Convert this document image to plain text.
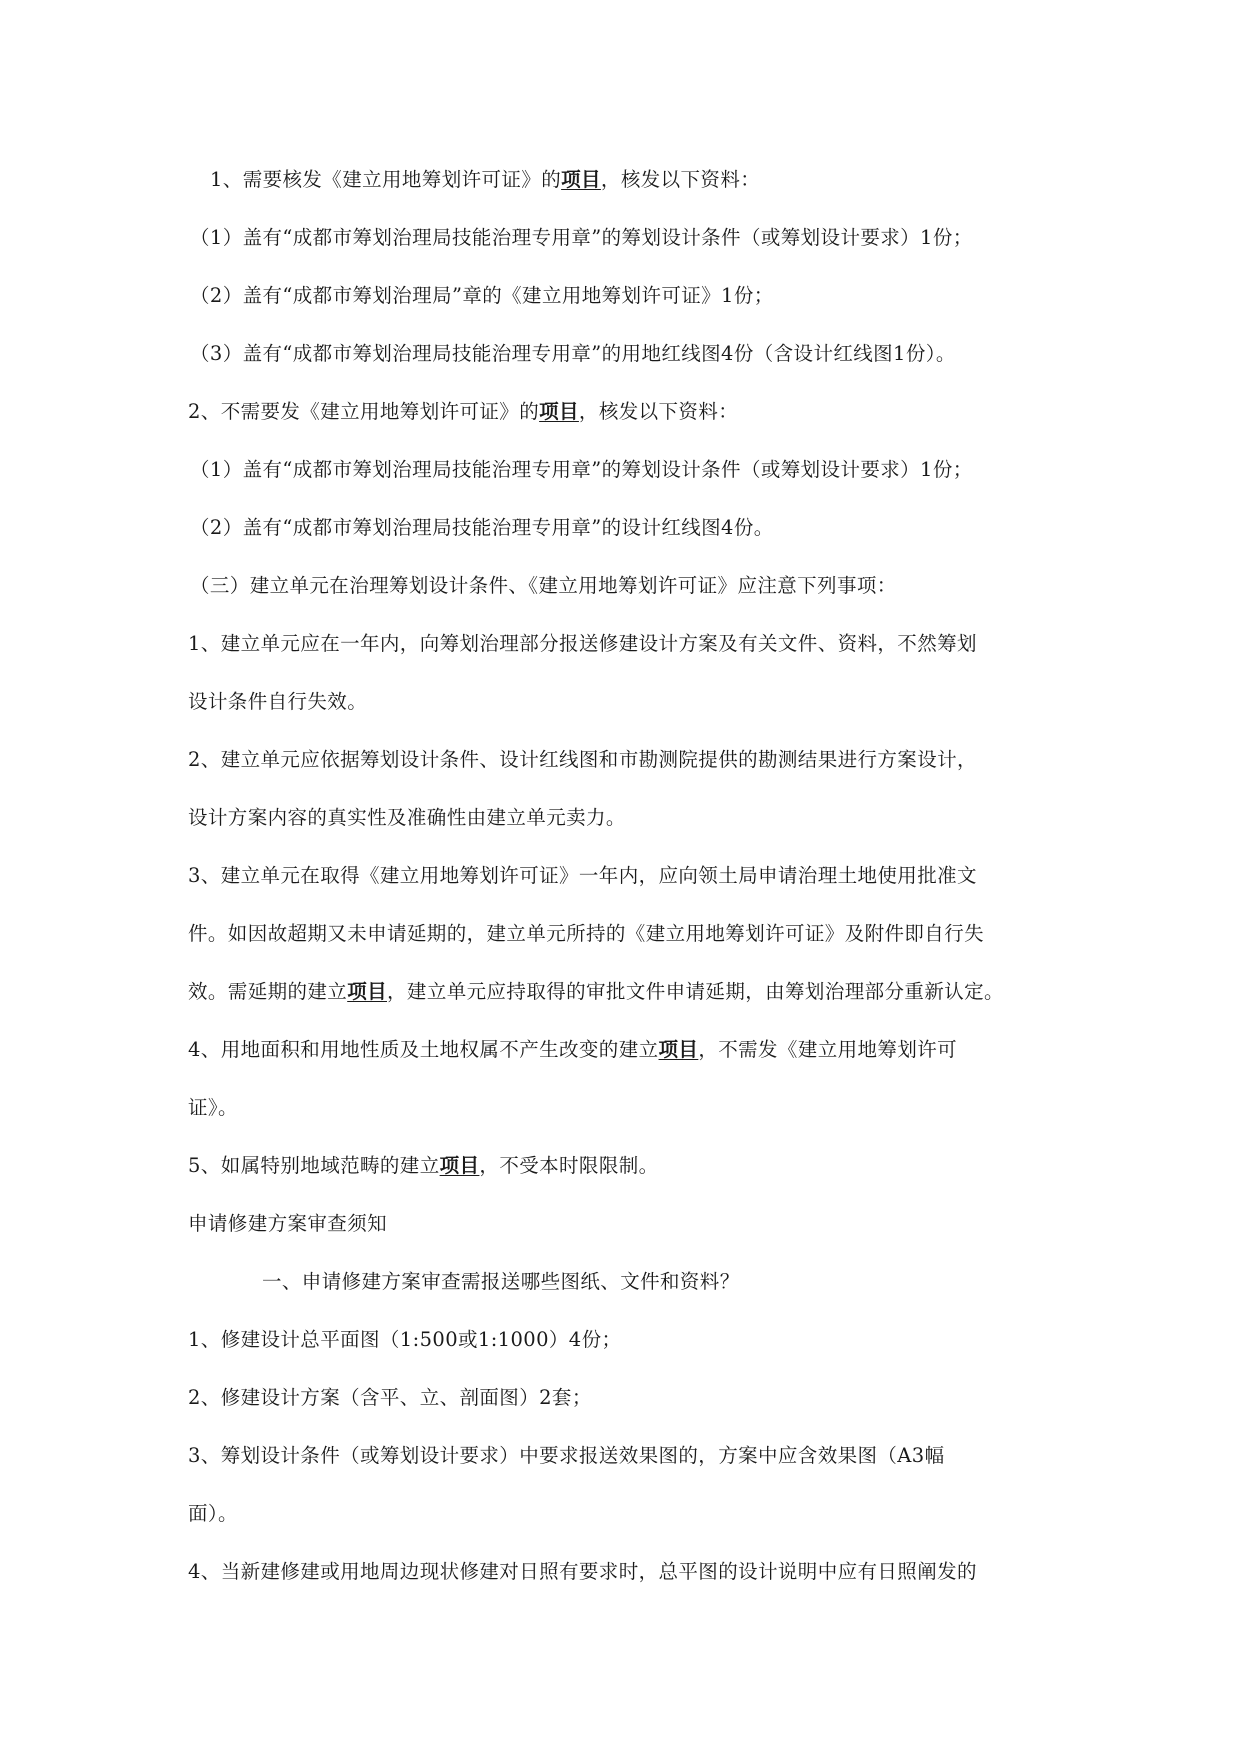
1、需要核发《建立用地筹划许可证》的项目，核发以下资料：
（1）盖有“成都市筹划治理局技能治理专用章”的筹划设计条件（或筹划设计要求）1份；
（2）盖有“成都市筹划治理局”章的《建立用地筹划许可证》1份；
（3）盖有“成都市筹划治理局技能治理专用章”的用地红线图4份（含设计红线图1份）。
2、不需要发《建立用地筹划许可证》的项目，核发以下资料：
（1）盖有“成都市筹划治理局技能治理专用章”的筹划设计条件（或筹划设计要求）1份；
（2）盖有“成都市筹划治理局技能治理专用章”的设计红线图4份。
（三）建立单元在治理筹划设计条件、《建立用地筹划许可证》应注意下列事项：
1、建立单元应在一年内，向筹划治理部分报送修建设计方案及有关文件、资料，不然筹划
设计条件自行失效。
2、建立单元应依据筹划设计条件、设计红线图和市勘测院提供的勘测结果进行方案设计，
设计方案内容的真实性及准确性由建立单元卖力。
3、建立单元在取得《建立用地筹划许可证》一年内，应向领土局申请治理土地使用批准文
件。如因故超期又未申请延期的，建立单元所持的《建立用地筹划许可证》及附件即自行失
效。需延期的建立项目，建立单元应持取得的审批文件申请延期，由筹划治理部分重新认定。
4、用地面积和用地性质及土地权属不产生改变的建立项目，不需发《建立用地筹划许可
证》。
5、如属特别地域范畴的建立项目，不受本时限限制。
申请修建方案审查须知
一、申请修建方案审查需报送哪些图纸、文件和资料？
1、修建设计总平面图（1:500或1:1000）4份；
2、修建设计方案（含平、立、剖面图）2套；
3、筹划设计条件（或筹划设计要求）中要求报送效果图的，方案中应含效果图（A3幅
面）。
4、当新建修建或用地周边现状修建对日照有要求时，总平图的设计说明中应有日照阐发的
